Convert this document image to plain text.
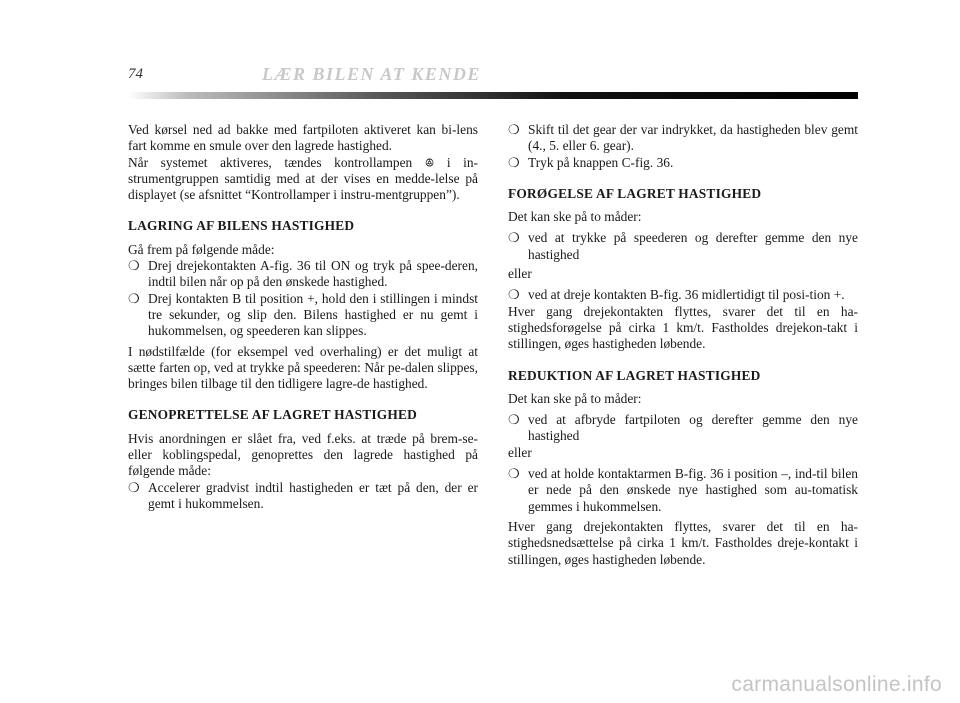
74	LÆR BILEN AT KENDE

Ved kørsel ned ad bakke med fartpiloten aktiveret kan bi-lens fart komme en smule over den lagrede hastighed.

Når systemet aktiveres, tændes kontrollampen ꔮ i in-strumentgruppen samtidig med at der vises en medde-lelse på displayet (se afsnittet “Kontrollamper i instru-mentgruppen”).

LAGRING AF BILENS HASTIGHED

Gå frem på følgende måde:

❍ Drej drejekontakten A-fig. 36 til ON og tryk på spee-deren, indtil bilen når op på den ønskede hastighed.

❍ Drej kontakten B til position +, hold den i stillingen i mindst tre sekunder, og slip den. Bilens hastighed er nu gemt i hukommelsen, og speederen kan slippes.

I nødstilfælde (for eksempel ved overhaling) er det muligt at sætte farten op, ved at trykke på speederen: Når pe-dalen slippes, bringes bilen tilbage til den tidligere lagre-de hastighed.

GENOPRETTELSE AF LAGRET HASTIGHED

Hvis anordningen er slået fra, ved f.eks. at træde på brem-se- eller koblingspedal, genoprettes den lagrede hastighed på følgende måde:

❍ Accelerer gradvist indtil hastigheden er tæt på den, der er gemt i hukommelsen.

❍ Skift til det gear der var indrykket, da hastigheden blev gemt (4., 5. eller 6. gear).

❍ Tryk på knappen C-fig. 36.

FORØGELSE AF LAGRET HASTIGHED

Det kan ske på to måder:

❍ ved at trykke på speederen og derefter gemme den nye hastighed

eller

❍ ved at dreje kontakten B-fig. 36 midlertidigt til posi-tion +.

Hver gang drejekontakten flyttes, svarer det til en ha-stighedsforøgelse på cirka 1 km/t. Fastholdes drejekon-takt i stillingen, øges hastigheden løbende.

REDUKTION AF LAGRET HASTIGHED

Det kan ske på to måder:

❍ ved at afbryde fartpiloten og derefter gemme den nye hastighed

eller

❍ ved at holde kontaktarmen B-fig. 36 i position –, ind-til bilen er nede på den ønskede nye hastighed som au-tomatisk gemmes i hukommelsen.

Hver gang drejekontakten flyttes, svarer det til en ha-stighedsnedsættelse på cirka 1 km/t. Fastholdes dreje-kontakt i stillingen, øges hastigheden løbende.

carmanualsonline.info
